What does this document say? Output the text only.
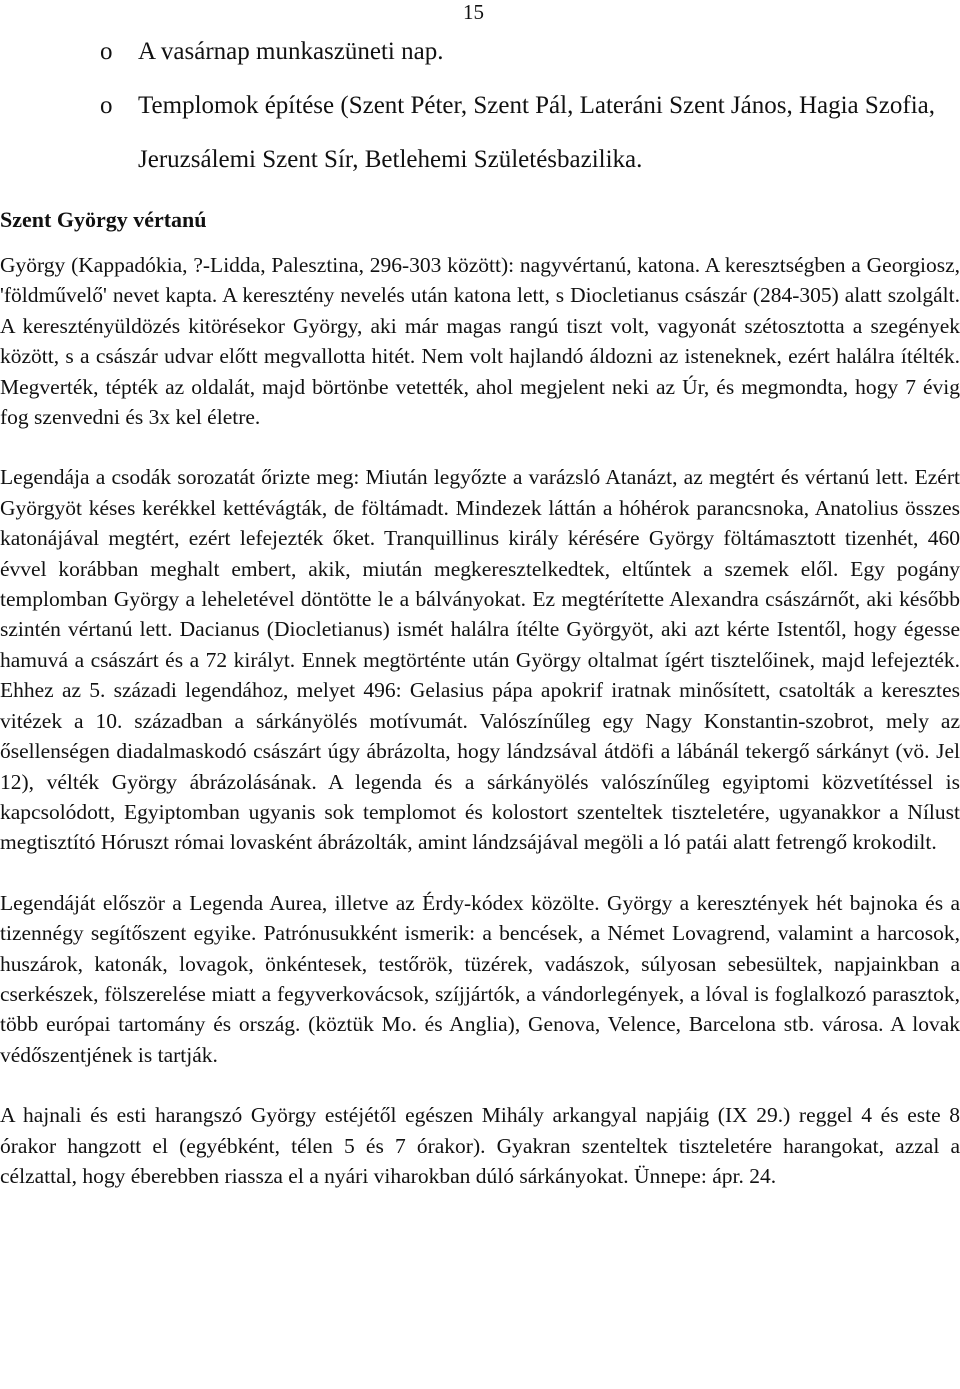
15
o A vasárnap munkaszüneti nap.
o Templomok építése (Szent Péter, Szent Pál, Lateráni Szent János, Hagia Szofia, Jeruzsálemi Szent Sír, Betlehemi Születésbazilika.
Szent György vértanú

György (Kappadókia, ?-Lidda, Palesztina, 296-303 között): nagyvértanú, katona. A keresztségben a Georgiosz, 'földművelő' nevet kapta. A keresztény nevelés után katona lett, s Diocletianus császár (284-305) alatt szolgált. A keresztényüldözés kitörésekor György, aki már magas rangú tiszt volt, vagyonát szétosztotta a szegények között, s a császár udvar előtt megvallotta hitét. Nem volt hajlandó áldozni az isteneknek, ezért halálra ítélték. Megverték, tépték az oldalát, majd börtönbe vetették, ahol megjelent neki az Úr, és megmondta, hogy 7 évig fog szenvedni és 3x kel életre.

Legendája a csodák sorozatát őrizte meg: Miután legyőzte a varázsló Atanázt, az megtért és vértanú lett. Ezért Györgyöt késes kerékkel kettévágták, de föltámadt. Mindezek láttán a hóhérok parancsnoka, Anatolius összes katonájával megtért, ezért lefejezték őket. Tranquillinus király kérésére György föltámasztott tizenhét, 460 évvel korábban meghalt embert, akik, miután megkeresztelkedtek, eltűntek a szemek elől. Egy pogány templomban György a leheletével döntötte le a bálványokat. Ez megtérítette Alexandra császárnőt, aki később szintén vértanú lett. Dacianus (Diocletianus) ismét halálra ítélte Györgyöt, aki azt kérte Istentől, hogy égesse hamuvá a császárt és a 72 királyt. Ennek megtörténte után György oltalmat ígért tisztelőinek, majd lefejezték. Ehhez az 5. századi legendához, melyet 496: Gelasius pápa apokrif iratnak minősített, csatolták a keresztes vitézek a 10. században a sárkányölés motívumát. Valószínűleg egy Nagy Konstantin-szobrot, mely az ősellenségen diadalmaskodó császárt úgy ábrázolta, hogy lándzsával átdöfi a lábánál tekergő sárkányt (vö. Jel 12), vélték György ábrázolásának. A legenda és a sárkányölés valószínűleg egyiptomi közvetítéssel is kapcsolódott, Egyiptomban ugyanis sok templomot és kolostort szenteltek tiszteletére, ugyanakkor a Nílust megtisztító Hóruszt római lovasként ábrázolták, amint lándzsájával megöli a ló patái alatt fetrengő krokodilt.

Legendáját először a Legenda Aurea, illetve az Érdy-kódex közölte. György a keresztények hét bajnoka és a tizennégy segítőszent egyike. Patrónusukként ismerik: a bencések, a Német Lovagrend, valamint a harcosok, huszárok, katonák, lovagok, önkéntesek, testőrök, tüzérek, vadászok, súlyosan sebesültek, napjainkban a cserkészek, fölszerelése miatt a fegyverkovácsok, szíjjártók, a vándorlegények, a lóval is foglalkozó parasztok, több európai tartomány és ország. (köztük Mo. és Anglia), Genova, Velence, Barcelona stb. városa. A lovak védőszentjének is tartják.

A hajnali és esti harangszó György estéjétől egészen Mihály arkangyal napjáig (IX 29.) reggel 4 és este 8 órakor hangzott el (egyébként, télen 5 és 7 órakor). Gyakran szenteltek tiszteletére harangokat, azzal a célzattal, hogy éberebben riassza el a nyári viharokban dúló sárkányokat. Ünnepe: ápr. 24.
